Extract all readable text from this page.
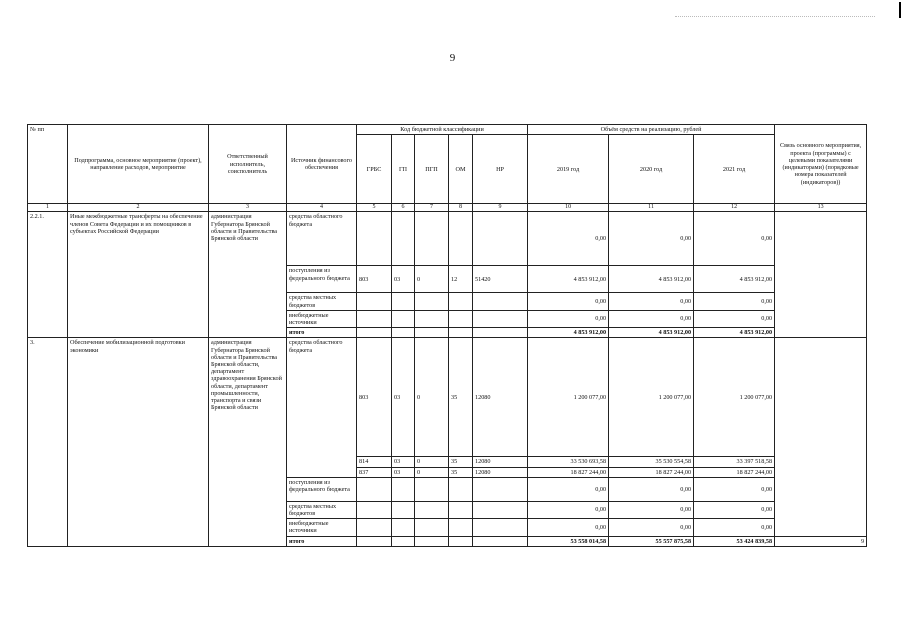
9
№ пп	Подпрограмма, основное мероприятие (проект), направление расходов, мероприятие	Ответственный исполнитель, соисполнитель	Источник финансового обеспечения	Код бюджетной классификации					Объём средств на реализацию, рублей			Связь основного мероприятия, проекта (программы) с целевыми показателями (индикаторами) (порядковые номера показателей (индикаторов))
				ГРБС	ГП	ПГП	ОМ	НР	2019 год	2020 год	2021 год	
1	2	3	4	5	6	7	8	9	10	11	12	13
2.2.1.	Иные межбюджетные трансферты на обеспечение членов Совета Федерации и их помощников в субъектах Российской Федерации	администрация Губернатора Брянской области и Правительства Брянской области	средства областного бюджета						0,00	0,00	0,00	
			поступления из федерального бюджета	803	03	0	12	51420	4 853 912,00	4 853 912,00	4 853 912,00	
			средства местных бюджетов						0,00	0,00	0,00	
			внебюджетные источники						0,00	0,00	0,00	
			итого						4 853 912,00	4 853 912,00	4 853 912,00	
3.	Обеспечение мобилизационной подготовки экономики	администрация Губернатора Брянской области и Правительства Брянской области, департамент здравоохранения Брянской области, департамент промышленности, транспорта и связи Брянской области	средства областного бюджета	803	03	0	35	12080	1 200 077,00	1 200 077,00	1 200 077,00	
				814	03	0	35	12080	33 530 693,58	35 530 554,58	33 397 518,58	
				837	03	0	35	12080	18 827 244,00	18 827 244,00	18 827 244,00	
			поступления из федерального бюджета						0,00	0,00	0,00	
			средства местных бюджетов						0,00	0,00	0,00	
			внебюджетные источники						0,00	0,00	0,00	
			итого						53 558 014,58	55 557 875,58	53 424 839,58	9
